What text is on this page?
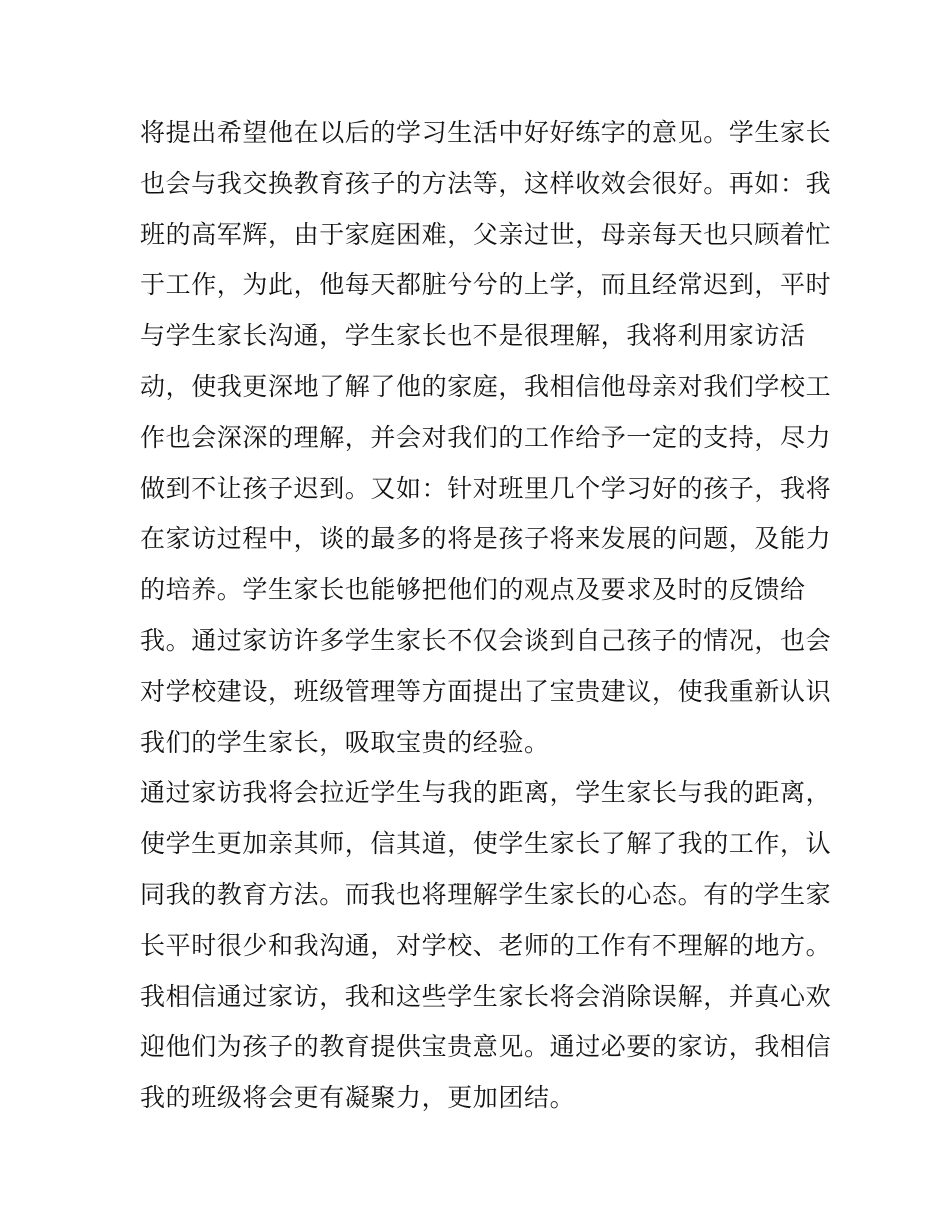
将提出希望他在以后的学习生活中好好练字的意见。学生家长
也会与我交换教育孩子的方法等，这样收效会很好。再如：我
班的高军辉，由于家庭困难，父亲过世，母亲每天也只顾着忙
于工作，为此，他每天都脏兮兮的上学，而且经常迟到，平时
与学生家长沟通，学生家长也不是很理解，我将利用家访活
动，使我更深地了解了他的家庭，我相信他母亲对我们学校工
作也会深深的理解，并会对我们的工作给予一定的支持，尽力
做到不让孩子迟到。又如：针对班里几个学习好的孩子，我将
在家访过程中，谈的最多的将是孩子将来发展的问题，及能力
的培养。学生家长也能够把他们的观点及要求及时的反馈给
我。通过家访许多学生家长不仅会谈到自己孩子的情况，也会
对学校建设，班级管理等方面提出了宝贵建议，使我重新认识
我们的学生家长，吸取宝贵的经验。
通过家访我将会拉近学生与我的距离，学生家长与我的距离，
使学生更加亲其师，信其道，使学生家长了解了我的工作，认
同我的教育方法。而我也将理解学生家长的心态。有的学生家
长平时很少和我沟通，对学校、老师的工作有不理解的地方。
我相信通过家访，我和这些学生家长将会消除误解，并真心欢
迎他们为孩子的教育提供宝贵意见。通过必要的家访，我相信
我的班级将会更有凝聚力，更加团结。
